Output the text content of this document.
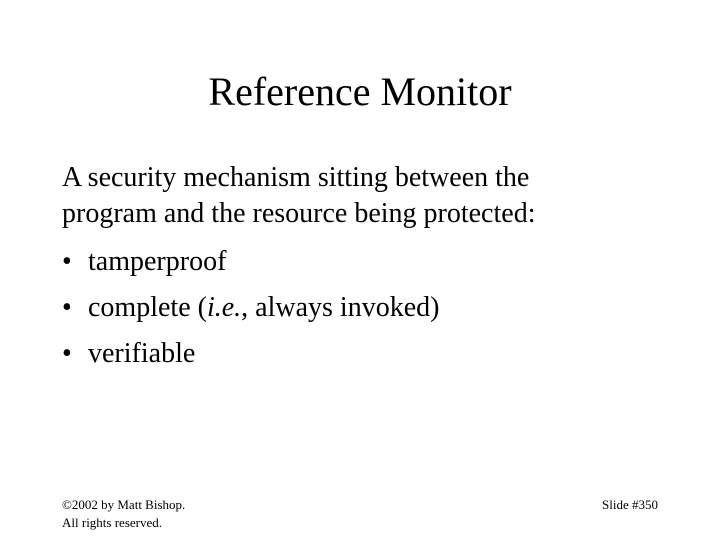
Reference Monitor

A security mechanism sitting between the
program and the resource being protected:

• tamperproof
• complete (i.e., always invoked)
• verifiable
©2002 by Matt Bishop.
All rights reserved.
Slide #350
